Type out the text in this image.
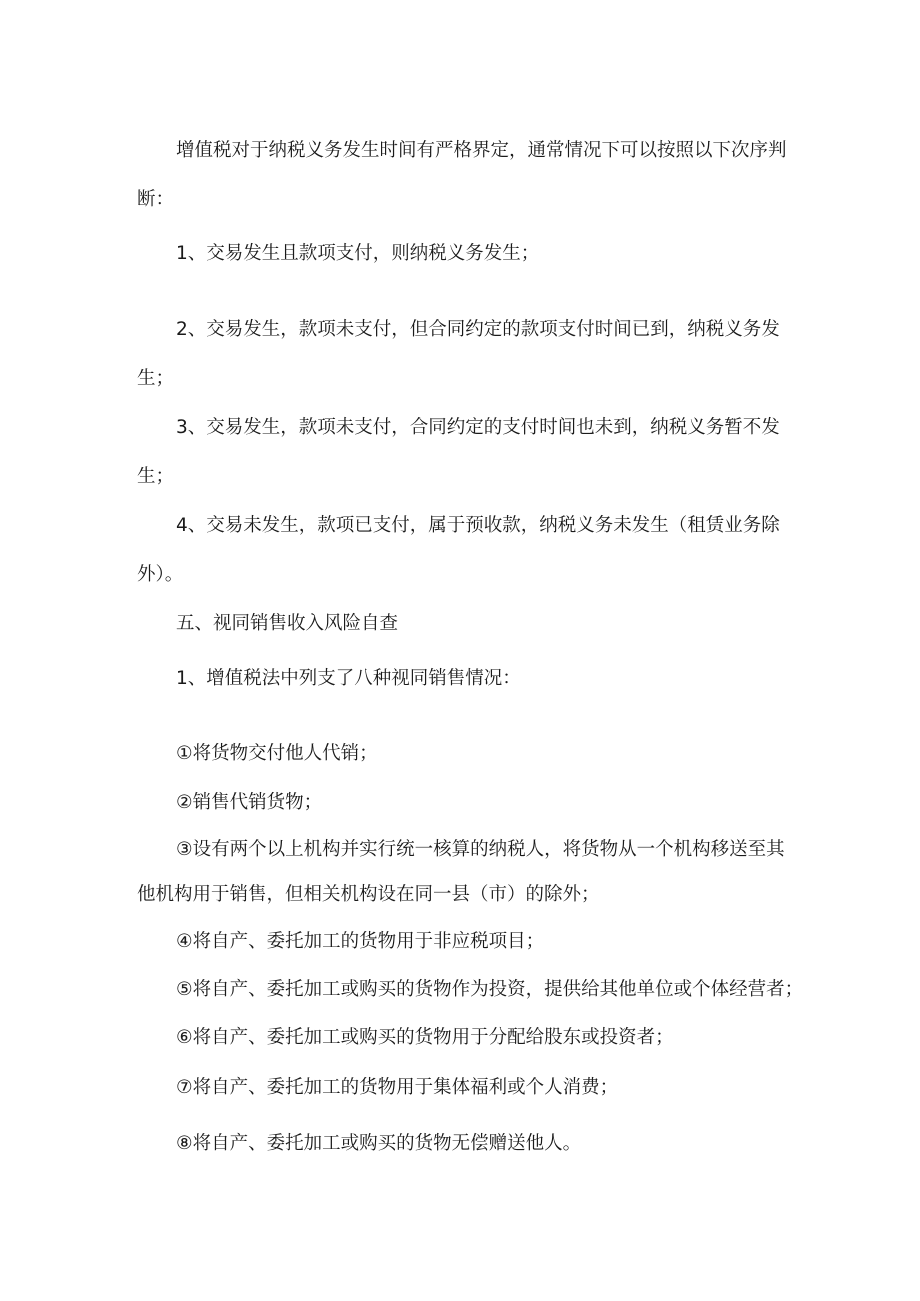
增值税对于纳税义务发生时间有严格界定，通常情况下可以按照以下次序判
断：
1、交易发生且款项支付，则纳税义务发生；
2、交易发生，款项未支付，但合同约定的款项支付时间已到，纳税义务发
生；
3、交易发生，款项未支付，合同约定的支付时间也未到，纳税义务暂不发
生；
4、交易未发生，款项已支付，属于预收款，纳税义务未发生（租赁业务除
外）。
五、视同销售收入风险自查
1、增值税法中列支了八种视同销售情况：
①将货物交付他人代销；
②销售代销货物；
③设有两个以上机构并实行统一核算的纳税人，将货物从一个机构移送至其
他机构用于销售，但相关机构设在同一县（市）的除外；
④将自产、委托加工的货物用于非应税项目；
⑤将自产、委托加工或购买的货物作为投资，提供给其他单位或个体经营者；
⑥将自产、委托加工或购买的货物用于分配给股东或投资者；
⑦将自产、委托加工的货物用于集体福利或个人消费；
⑧将自产、委托加工或购买的货物无偿赠送他人。
